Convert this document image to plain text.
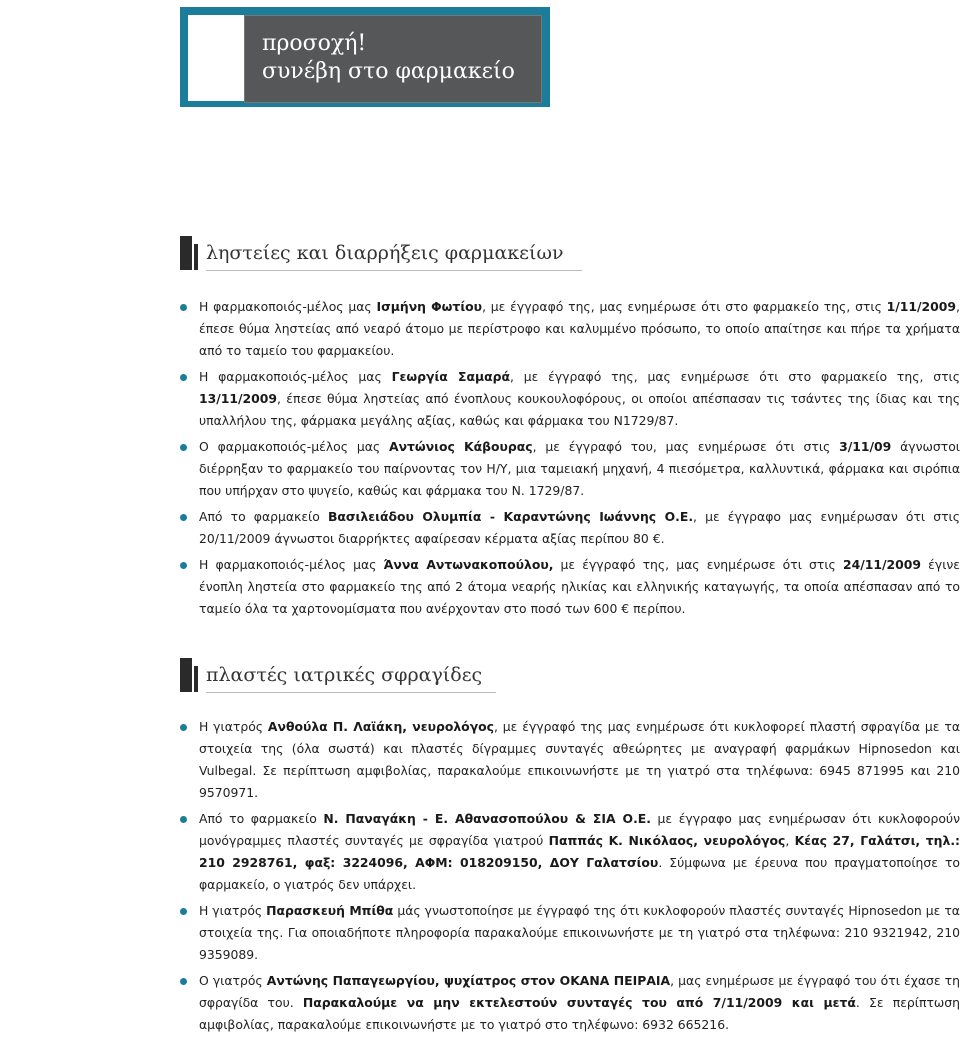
προσοχή!
συνέβη στο φαρμακείο
ληστείες και διαρρήξεις φαρμακείων
Η φαρμακοποιός-μέλος μας Ισμήνη Φωτίου, με έγγραφό της, μας ενημέρωσε ότι στο φαρμακείο της, στις 1/11/2009, έπεσε θύμα ληστείας από νεαρό άτομο με περίστροφο και καλυμμένο πρόσωπο, το οποίο απαίτησε και πήρε τα χρήματα από το ταμείο του φαρμακείου.
Η φαρμακοποιός-μέλος μας Γεωργία Σαμαρά, με έγγραφό της, μας ενημέρωσε ότι στο φαρμακείο της, στις 13/11/2009, έπεσε θύμα ληστείας από ένοπλους κουκουλοφόρους, οι οποίοι απέσπασαν τις τσάντες της ίδιας και της υπαλλήλου της, φάρμακα μεγάλης αξίας, καθώς και φάρμακα του Ν1729/87.
Ο φαρμακοποιός-μέλος μας Αντώνιος Κάβουρας, με έγγραφό του, μας ενημέρωσε ότι στις 3/11/09 άγνωστοι διέρρηξαν το φαρμακείο του παίρνοντας τον Η/Υ, μια ταμειακή μηχανή, 4 πιεσόμετρα, καλλυντικά, φάρμακα και σιρόπια που υπήρχαν στο ψυγείο, καθώς και φάρμακα του Ν. 1729/87.
Από το φαρμακείο Βασιλειάδου Ολυμπία - Καραντώνης Ιωάννης Ο.Ε., με έγγραφο μας ενημέρωσαν ότι στις 20/11/2009 άγνωστοι διαρρήκτες αφαίρεσαν κέρματα αξίας περίπου 80 €.
Η φαρμακοποιός-μέλος μας Άννα Αντωνακοπούλου, με έγγραφό της, μας ενημέρωσε ότι στις 24/11/2009 έγινε ένοπλη ληστεία στο φαρμακείο της από 2 άτομα νεαρής ηλικίας και ελληνικής καταγωγής, τα οποία απέσπασαν από το ταμείο όλα τα χαρτονομίσματα που ανέρχονταν στο ποσό των 600 € περίπου.
πλαστές ιατρικές σφραγίδες
Η γιατρός Ανθούλα Π. Λαϊάκη, νευρολόγος, με έγγραφό της μας ενημέρωσε ότι κυκλοφορεί πλαστή σφραγίδα με τα στοιχεία της (όλα σωστά) και πλαστές δίγραμμες συνταγές αθεώρητες με αναγραφή φαρμάκων Hipnosedon και Vulbegal. Σε περίπτωση αμφιβολίας, παρακαλούμε επικοινωνήστε με τη γιατρό στα τηλέφωνα: 6945 871995 και 210 9570971.
Από το φαρμακείο Ν. Παναγάκη - Ε. Αθανασοπούλου & ΣΙΑ Ο.Ε. με έγγραφο μας ενημέρωσαν ότι κυκλοφορούν μονόγραμμες πλαστές συνταγές με σφραγίδα γιατρού Παππάς Κ. Νικόλαος, νευρολόγος, Κέας 27, Γαλάτσι, τηλ.: 210 2928761, φαξ: 3224096, ΑΦΜ: 018209150, ΔΟΥ Γαλατσίου. Σύμφωνα με έρευνα που πραγματοποίησε το φαρμακείο, ο γιατρός δεν υπάρχει.
Η γιατρός Παρασκευή Μπίθα μάς γνωστοποίησε με έγγραφό της ότι κυκλοφορούν πλαστές συνταγές Hipnosedon με τα στοιχεία της. Για οποιαδήποτε πληροφορία παρακαλούμε επικοινωνήστε με τη γιατρό στα τηλέφωνα: 210 9321942, 210 9359089.
Ο γιατρός Αντώνης Παπαγεωργίου, ψυχίατρος στον ΟΚΑΝΑ ΠΕΙΡΑΙΑ, μας ενημέρωσε με έγγραφό του ότι έχασε τη σφραγίδα του. Παρακαλούμε να μην εκτελεστούν συνταγές του από 7/11/2009 και μετά. Σε περίπτωση αμφιβολίας, παρακαλούμε επικοινωνήστε με το γιατρό στο τηλέφωνο: 6932 665216.
